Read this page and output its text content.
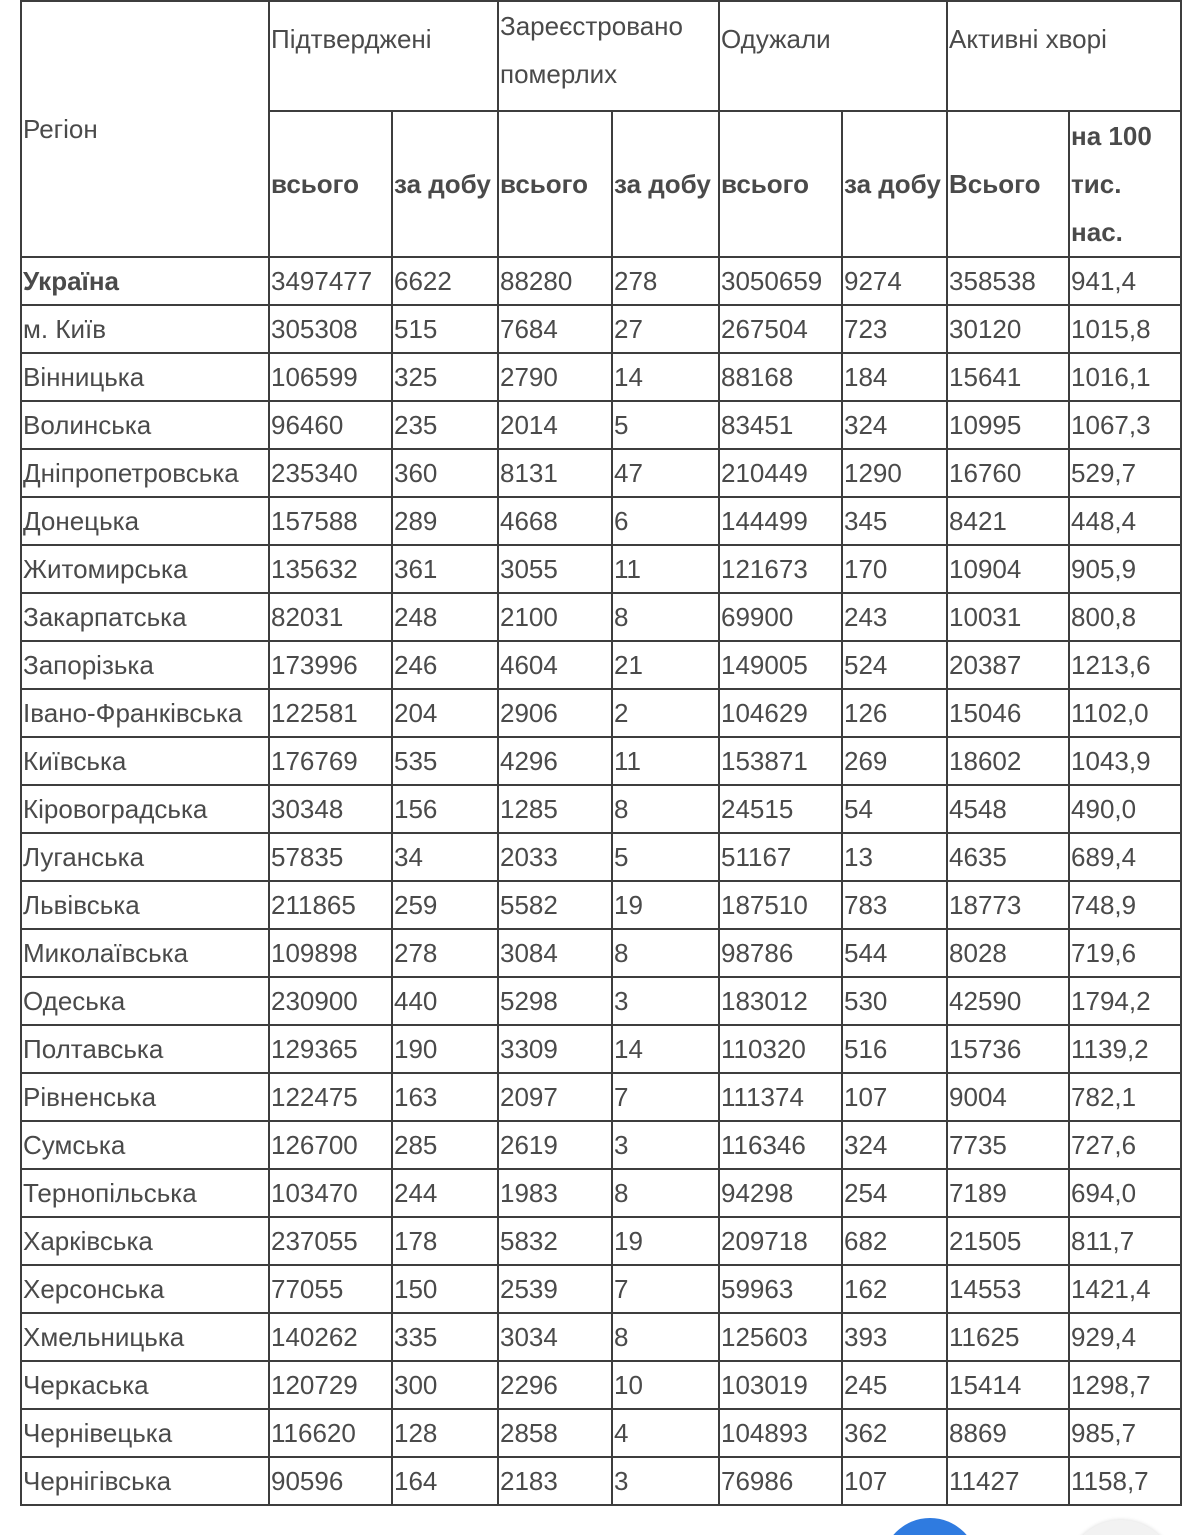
Регіон	Підтверджені		Зареєстровано померлих		Одужали		Активні хворі	
	всього	за добу	всього	за добу	всього	за добу	Всього	на 100 тис. нас.
Україна	3497477	6622	88280	278	3050659	9274	358538	941,4
м. Київ	305308	515	7684	27	267504	723	30120	1015,8
Вінницька	106599	325	2790	14	88168	184	15641	1016,1
Волинська	96460	235	2014	5	83451	324	10995	1067,3
Дніпропетровська	235340	360	8131	47	210449	1290	16760	529,7
Донецька	157588	289	4668	6	144499	345	8421	448,4
Житомирська	135632	361	3055	11	121673	170	10904	905,9
Закарпатська	82031	248	2100	8	69900	243	10031	800,8
Запорізька	173996	246	4604	21	149005	524	20387	1213,6
Івано-Франківська	122581	204	2906	2	104629	126	15046	1102,0
Київська	176769	535	4296	11	153871	269	18602	1043,9
Кіровоградська	30348	156	1285	8	24515	54	4548	490,0
Луганська	57835	34	2033	5	51167	13	4635	689,4
Львівська	211865	259	5582	19	187510	783	18773	748,9
Миколаївська	109898	278	3084	8	98786	544	8028	719,6
Одеська	230900	440	5298	3	183012	530	42590	1794,2
Полтавська	129365	190	3309	14	110320	516	15736	1139,2
Рівненська	122475	163	2097	7	111374	107	9004	782,1
Сумська	126700	285	2619	3	116346	324	7735	727,6
Тернопільська	103470	244	1983	8	94298	254	7189	694,0
Харківська	237055	178	5832	19	209718	682	21505	811,7
Херсонська	77055	150	2539	7	59963	162	14553	1421,4
Хмельницька	140262	335	3034	8	125603	393	11625	929,4
Черкаська	120729	300	2296	10	103019	245	15414	1298,7
Чернівецька	116620	128	2858	4	104893	362	8869	985,7
Чернігівська	90596	164	2183	3	76986	107	11427	1158,7
